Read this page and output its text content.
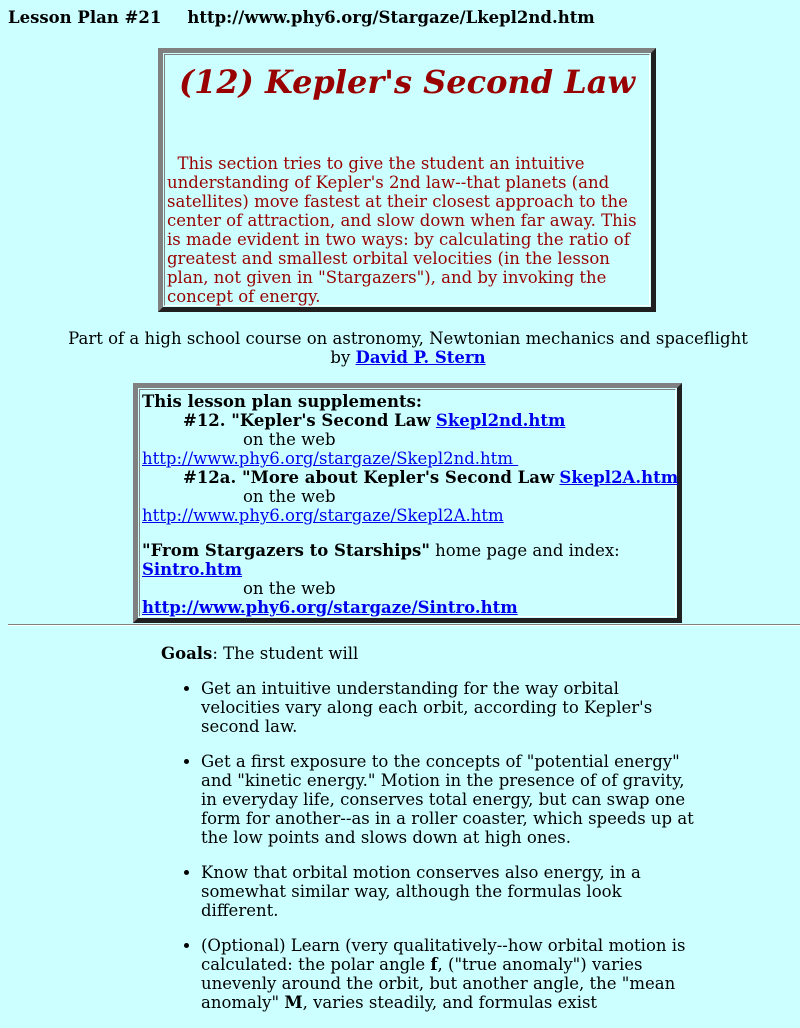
Lesson Plan #21 http://www.phy6.org/Stargaze/Lkepl2nd.htm
(12) Kepler's Second Law
This section tries to give the student an intuitive understanding of Kepler's 2nd law--that planets (and satellites) move fastest at their closest approach to the center of attraction, and slow down when far away. This is made evident in two ways: by calculating the ratio of greatest and smallest orbital velocities (in the lesson plan, not given in "Stargazers"), and by invoking the concept of energy.
Part of a high school course on astronomy, Newtonian mechanics and spaceflight
by David P. Stern
This lesson plan supplements:
#12. "Kepler's Second Law Skepl2nd.htm
on the web
http://www.phy6.org/stargaze/Skepl2nd.htm
#12a. "More about Kepler's Second Law Skepl2A.htm
on the web
http://www.phy6.org/stargaze/Skepl2A.htm
"From Stargazers to Starships" home page and index:
Sintro.htm
on the web
http://www.phy6.org/stargaze/Sintro.htm
Goals: The student will
• Get an intuitive understanding for the way orbital velocities vary along each orbit, according to Kepler's second law.
• Get a first exposure to the concepts of "potential energy" and "kinetic energy." Motion in the presence of of gravity, in everyday life, conserves total energy, but can swap one form for another--as in a roller coaster, which speeds up at the low points and slows down at high ones.
• Know that orbital motion conserves also energy, in a somewhat similar way, although the formulas look different.
• (Optional) Learn (very qualitatively--how orbital motion is calculated: the polar angle f, ("true anomaly") varies unevenly around the orbit, but another angle, the "mean anomaly" M, varies steadily, and formulas exist
